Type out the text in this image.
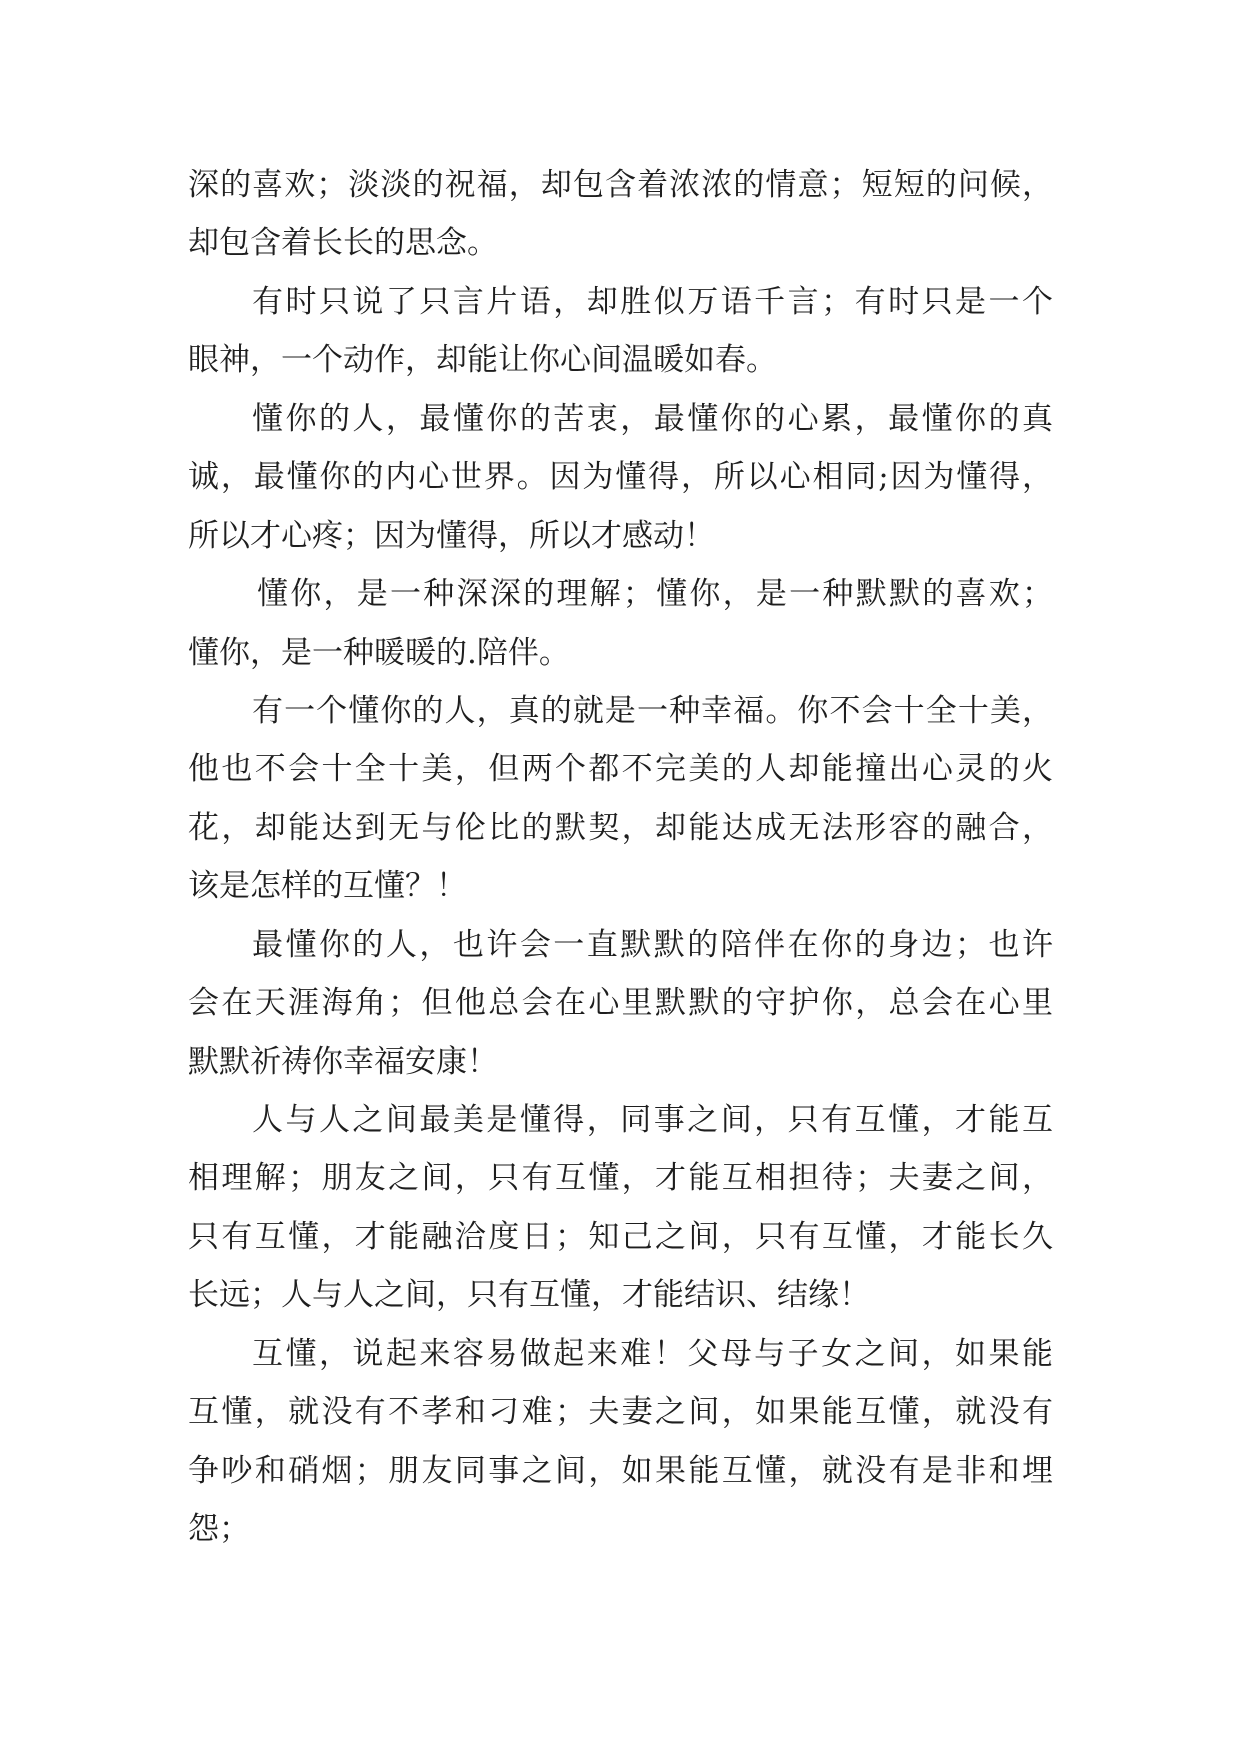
深的喜欢；淡淡的祝福，却包含着浓浓的情意；短短的问候，
却包含着长长的思念。
有时只说了只言片语，却胜似万语千言；有时只是一个
眼神，一个动作，却能让你心间温暖如春。
懂你的人，最懂你的苦衷，最懂你的心累，最懂你的真
诚，最懂你的内心世界。因为懂得，所以心相同;因为懂得，
所以才心疼；因为懂得，所以才感动！
懂你，是一种深深的理解；懂你，是一种默默的喜欢；
懂你，是一种暖暖的.陪伴。
有一个懂你的人，真的就是一种幸福。你不会十全十美，
他也不会十全十美，但两个都不完美的人却能撞出心灵的火
花，却能达到无与伦比的默契，却能达成无法形容的融合，
该是怎样的互懂？！
最懂你的人，也许会一直默默的陪伴在你的身边；也许
会在天涯海角；但他总会在心里默默的守护你，总会在心里
默默祈祷你幸福安康！
人与人之间最美是懂得，同事之间，只有互懂，才能互
相理解；朋友之间，只有互懂，才能互相担待；夫妻之间，
只有互懂，才能融洽度日；知己之间，只有互懂，才能长久
长远；人与人之间，只有互懂，才能结识、结缘！
互懂，说起来容易做起来难！父母与子女之间，如果能
互懂，就没有不孝和刁难；夫妻之间，如果能互懂，就没有
争吵和硝烟；朋友同事之间，如果能互懂，就没有是非和埋
怨；
